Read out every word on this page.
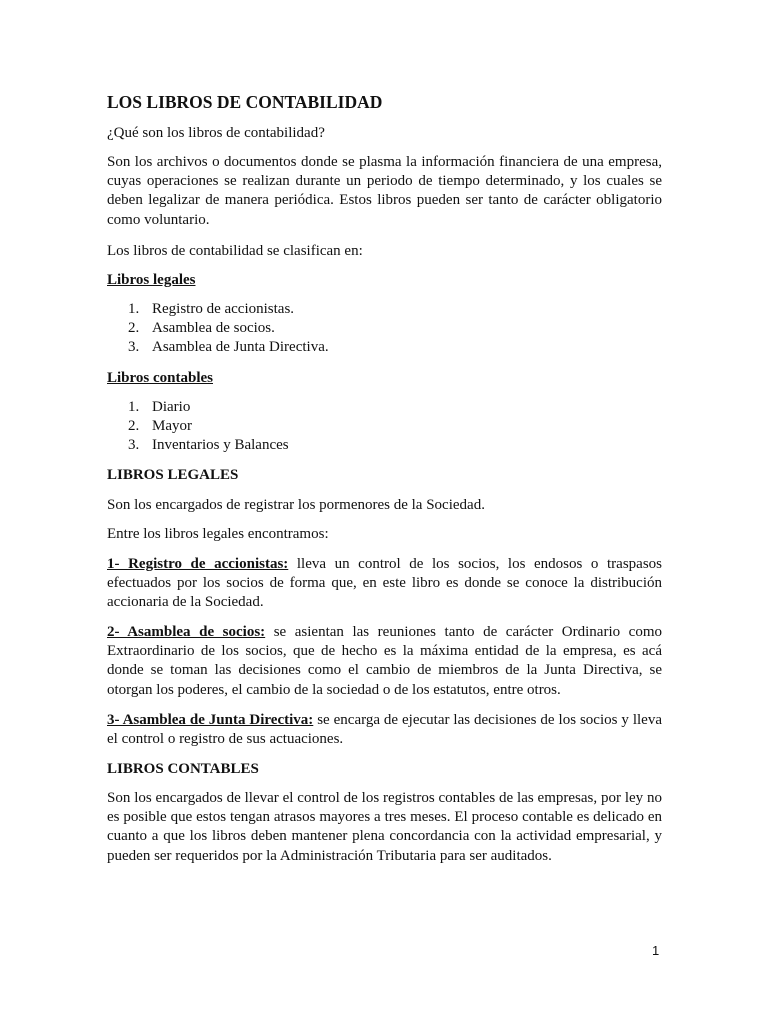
LOS LIBROS DE CONTABILIDAD

¿Qué son los libros de contabilidad?

Son los archivos o documentos donde se plasma la información financiera de una empresa, cuyas operaciones se realizan durante un periodo de tiempo determinado, y los cuales se deben legalizar de manera periódica. Estos libros pueden ser tanto de carácter obligatorio como voluntario.

Los libros de contabilidad se clasifican en:

Libros legales

1. Registro de accionistas.
2. Asamblea de socios.
3. Asamblea de Junta Directiva.

Libros contables

1. Diario
2. Mayor
3. Inventarios y Balances

LIBROS LEGALES

Son los encargados de registrar los pormenores de la Sociedad.

Entre los libros legales encontramos:

1- Registro de accionistas: lleva un control de los socios, los endosos o traspasos efectuados por los socios de forma que, en este libro es donde se conoce la distribución accionaria de la Sociedad.

2- Asamblea de socios: se asientan las reuniones tanto de carácter Ordinario como Extraordinario de los socios, que de hecho es la máxima entidad de la empresa, es acá donde se toman las decisiones como el cambio de miembros de la Junta Directiva, se otorgan los poderes, el cambio de la sociedad o de los estatutos, entre otros.

3- Asamblea de Junta Directiva: se encarga de ejecutar las decisiones de los socios y lleva el control o registro de sus actuaciones.

LIBROS CONTABLES

Son los encargados de llevar el control de los registros contables de las empresas, por ley no es posible que estos tengan atrasos mayores a tres meses. El proceso contable es delicado en cuanto a que los libros deben mantener plena concordancia con la actividad empresarial, y pueden ser requeridos por la Administración Tributaria para ser auditados.

1
